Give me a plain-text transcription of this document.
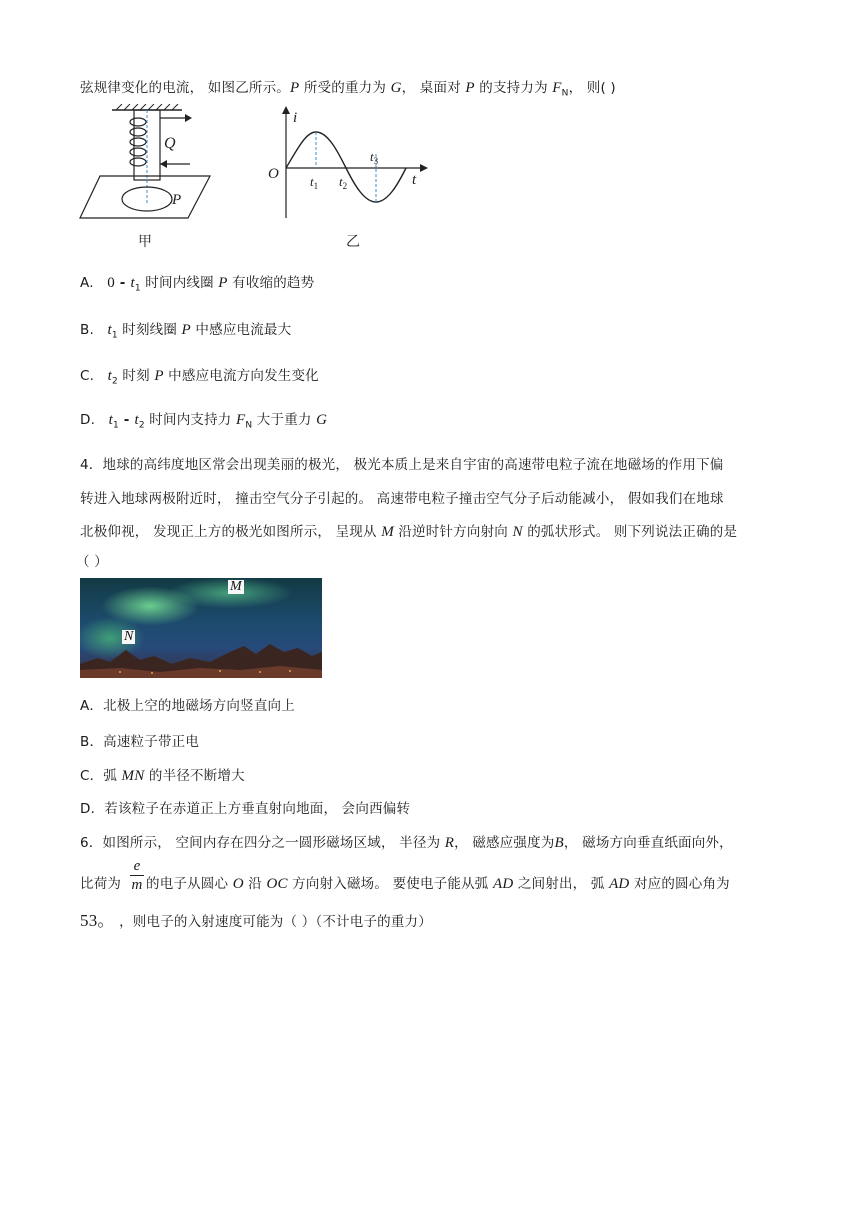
弦规律变化的电流， 如图乙所示。P 所受的重力为 G， 桌面对 P 的支持力为 $F_N$， 则( )
Q
P
甲
i
t
O $t_1$ $t_2$
$t_3$
乙
A. $0 - t_1$ 时间内线圈 P 有收缩的趋势
B. $t_1$ 时刻线圈 P 中感应电流最大
C. $t_2$ 时刻 P 中感应电流方向发生变化
D. $t_1 - t_2$ 时间内支持力 $F_N$ 大于重力 G
4．地球的高纬度地区常会出现美丽的极光， 极光本质上是来自宇宙的高速带电粒子流在地磁场的作用下偏
转进入地球两极附近时， 撞击空气分子引起的。 高速带电粒子撞击空气分子后动能减小， 假如我们在地球
北极仰视， 发现正上方的极光如图所示， 呈现从 M 沿逆时针方向射向 N 的弧状形式。 则下列说法正确的是
（ ）
M
N
A．北极上空的地磁场方向竖直向上
B．高速粒子带正电
C．弧 MN 的半径不断增大
D．若该粒子在赤道正上方垂直射向地面， 会向西偏转
6．如图所示， 空间内存在四分之一圆形磁场区域， 半径为 R， 磁感应强度为B， 磁场方向垂直纸面向外，
比荷为 $\frac{e}{m}$ 的电子从圆心 O 沿 OC 方向射入磁场。 要使电子能从弧 AD 之间射出， 弧 AD 对应的圆心角为
53。 ，则电子的入射速度可能为（ ）（不计电子的重力）
